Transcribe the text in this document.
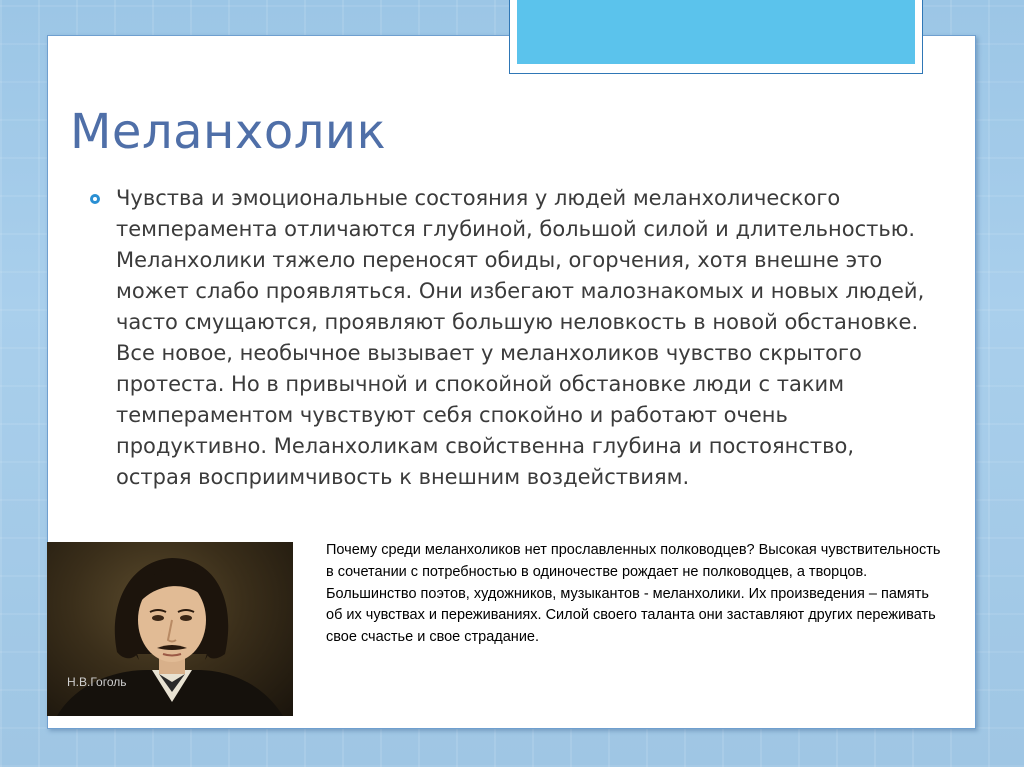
Меланхолик

Чувства и эмоциональные состояния у людей меланхолического темперамента отличаются глубиной, большой силой и длительностью. Меланхолики тяжело переносят обиды, огорчения, хотя внешне это может слабо проявляться. Они избегают малознакомых и новых людей, часто смущаются, проявляют большую неловкость в новой обстановке. Все новое, необычное вызывает у меланхоликов чувство скрытого протеста. Но в привычной и спокойной обстановке люди с таким темпераментом чувствуют себя спокойно и работают очень продуктивно. Меланхоликам свойственна глубина и постоянство, острая восприимчивость к внешним воздействиям.

Н.В.Гоголь

Почему среди меланхоликов нет прославленных полководцев? Высокая чувствительность в сочетании с потребностью в одиночестве рождает не полководцев, а творцов. Большинство поэтов, художников, музыкантов - меланхолики. Их произведения – память об их чувствах и переживаниях. Силой своего таланта они заставляют других переживать свое счастье и свое страдание.
